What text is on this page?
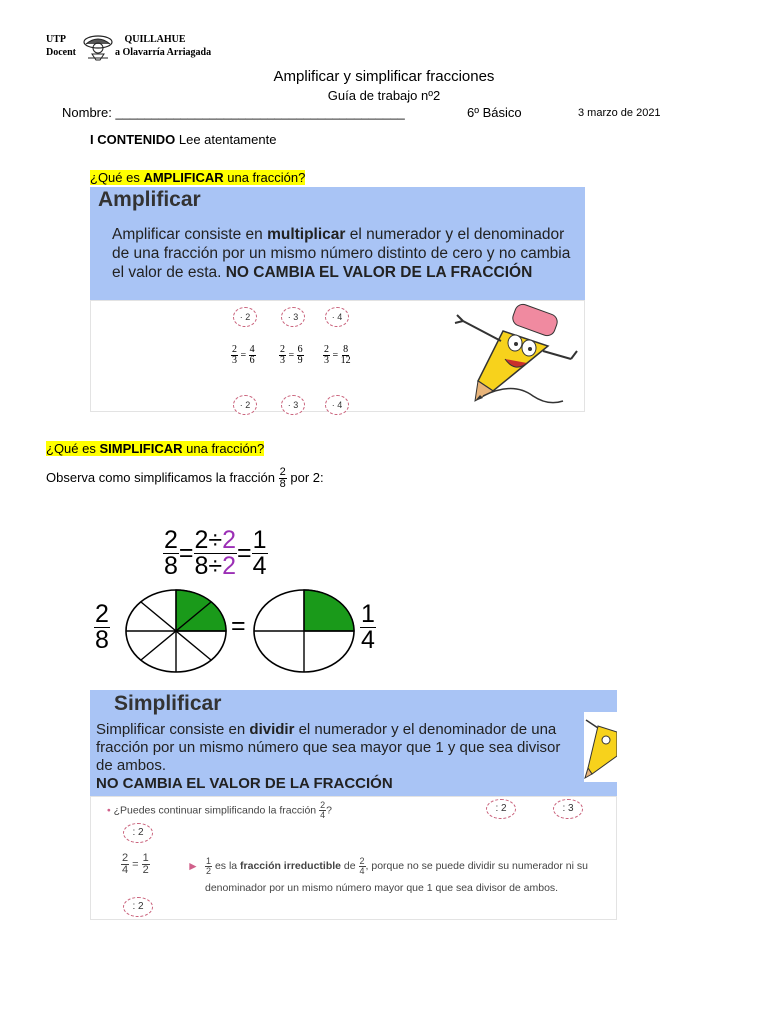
UTP	QUILLAHUE
Docent	a Olavarría Arriagada
Amplificar y simplificar fracciones
Guía de trabajo nº2
Nombre: ________________________________________	6º Básico	3 marzo de 2021
I CONTENIDO Lee atentamente
¿Qué es AMPLIFICAR una fracción?
Amplificar
Amplificar consiste en multiplicar el numerador y el denominador de una fracción por un mismo número distinto de cero y no cambia el valor de esta. NO CAMBIA EL VALOR DE LA FRACCIÓN
· 2
$\frac{2}{3} = \frac{4}{6}$
· 2
· 3
$\frac{2}{3} = \frac{6}{9}$
· 3
· 4
$\frac{2}{3} = \frac{8}{12}$
· 4
¿Qué es SIMPLIFICAR una fracción?
Observa como simplificamos la fracción $\frac{2}{8}$ por 2:
$\frac{2}{8} = \frac{2\div 2}{8\div 2} = \frac{1}{4}$
$\frac{2}{8}$	=	$\frac{1}{4}$
Simplificar
Simplificar consiste en dividir el numerador y el denominador de una fracción por un mismo número que sea mayor que 1 y que sea divisor de ambos.
NO CAMBIA EL VALOR DE LA FRACCIÓN
: 2	: 3
• ¿Puedes continuar simplificando la fracción $\frac{2}{4}$ ?
: 2
$\frac{2}{4} = \frac{1}{2}$
: 2
► $\frac{1}{2}$ es la fracción irreductible de $\frac{2}{4}$ , porque no se puede dividir su numerador ni su denominador por un mismo número mayor que 1 que sea divisor de ambos.
